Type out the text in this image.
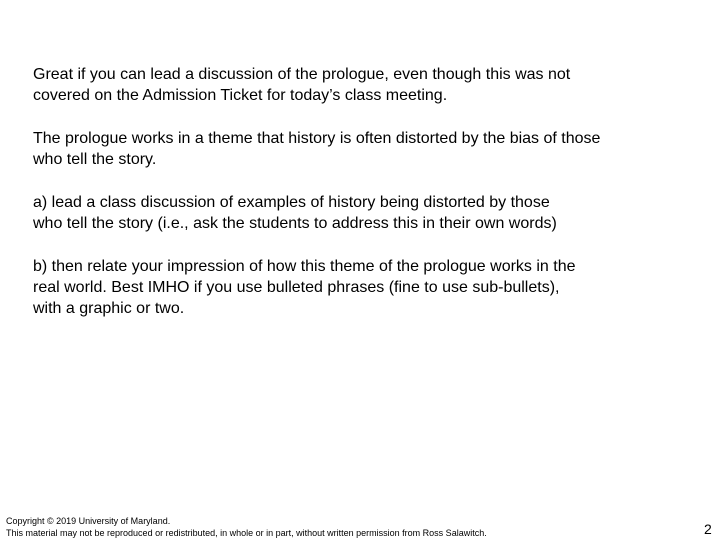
Great if you can lead a discussion of the prologue, even though this was not
covered on the Admission Ticket for today’s class meeting.

The prologue works in a theme that history is often distorted by the bias of those
who tell the story.

a) lead a class discussion of examples of history being distorted by those
who tell the story (i.e., ask the students to address this in their own words)

b) then relate your impression of how this theme of the prologue works in the
real world. Best IMHO if you use bulleted phrases (fine to use sub-bullets),
with a graphic or two.

Copyright © 2019 University of Maryland.
This material may not be reproduced or redistributed, in whole or in part, without written permission from Ross Salawitch.	2
